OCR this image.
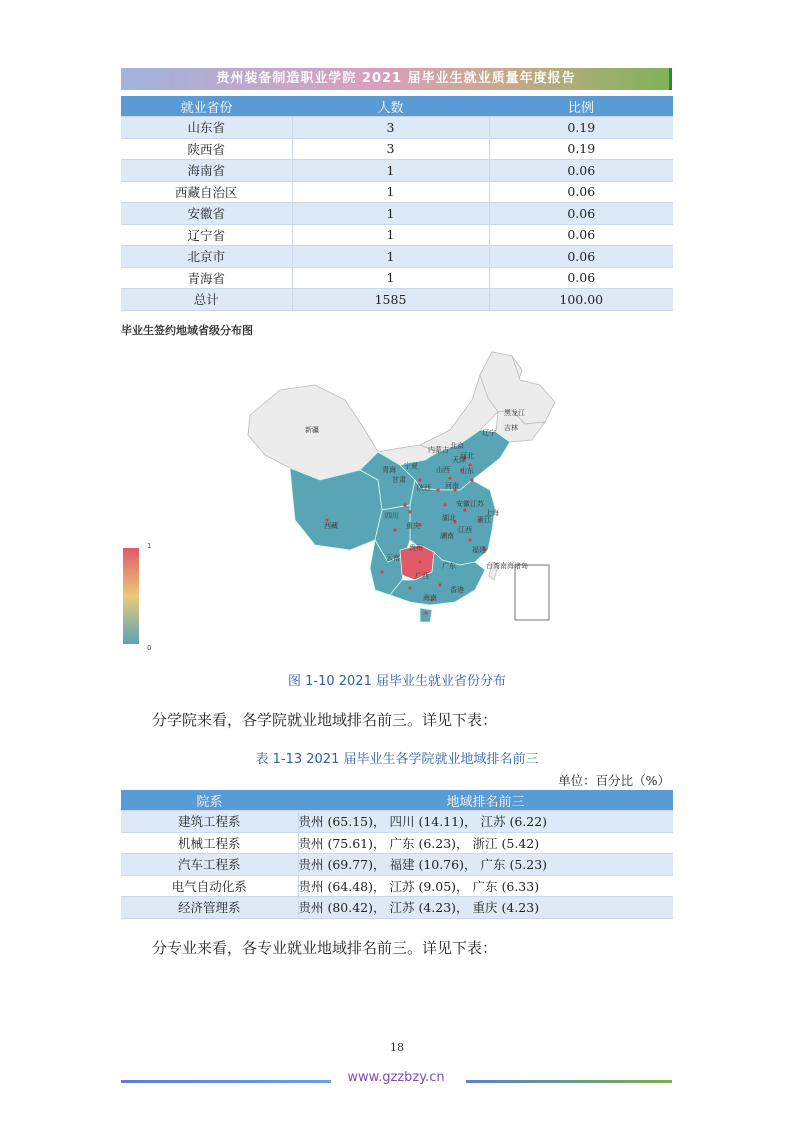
贵州装备制造职业学院 2021 届毕业生就业质量年度报告
就业省份	人数	比例
山东省	3	0.19
陕西省	3	0.19
海南省	1	0.06
西藏自治区	1	0.06
安徽省	1	0.06
辽宁省	1	0.06
北京市	1	0.06
青海省	1	0.06
总计	1585	100.00
毕业生签约地域省级分布图
新疆
西藏
青海
甘肃
宁夏
内蒙古
黑龙江
吉林
辽宁
北京
天津
河北
山西 山东
陕西 河南
江苏
安徽
上海
四川
重庆
湖北	浙江
贵州
湖南
江西
福建
云南
广西
广东	台湾 南海诸岛
香港
海南
1
0
图 1-10 2021 届毕业生就业省份分布
分学院来看，各学院就业地域排名前三。详见下表：
表 1-13 2021 届毕业生各学院就业地域排名前三
单位：百分比（%）
院系	地域排名前三
建筑工程系	贵州 (65.15)， 四川 (14.11)， 江苏 (6.22)
机械工程系	贵州 (75.61)， 广东 (6.23)， 浙江 (5.42)
汽车工程系	贵州 (69.77)， 福建 (10.76)， 广东 (5.23)
电气自动化系	贵州 (64.48)， 江苏 (9.05)， 广东 (6.33)
经济管理系	贵州 (80.42)， 江苏 (4.23)， 重庆 (4.23)
分专业来看，各专业就业地域排名前三。详见下表：
18
www.gzzbzy.cn
